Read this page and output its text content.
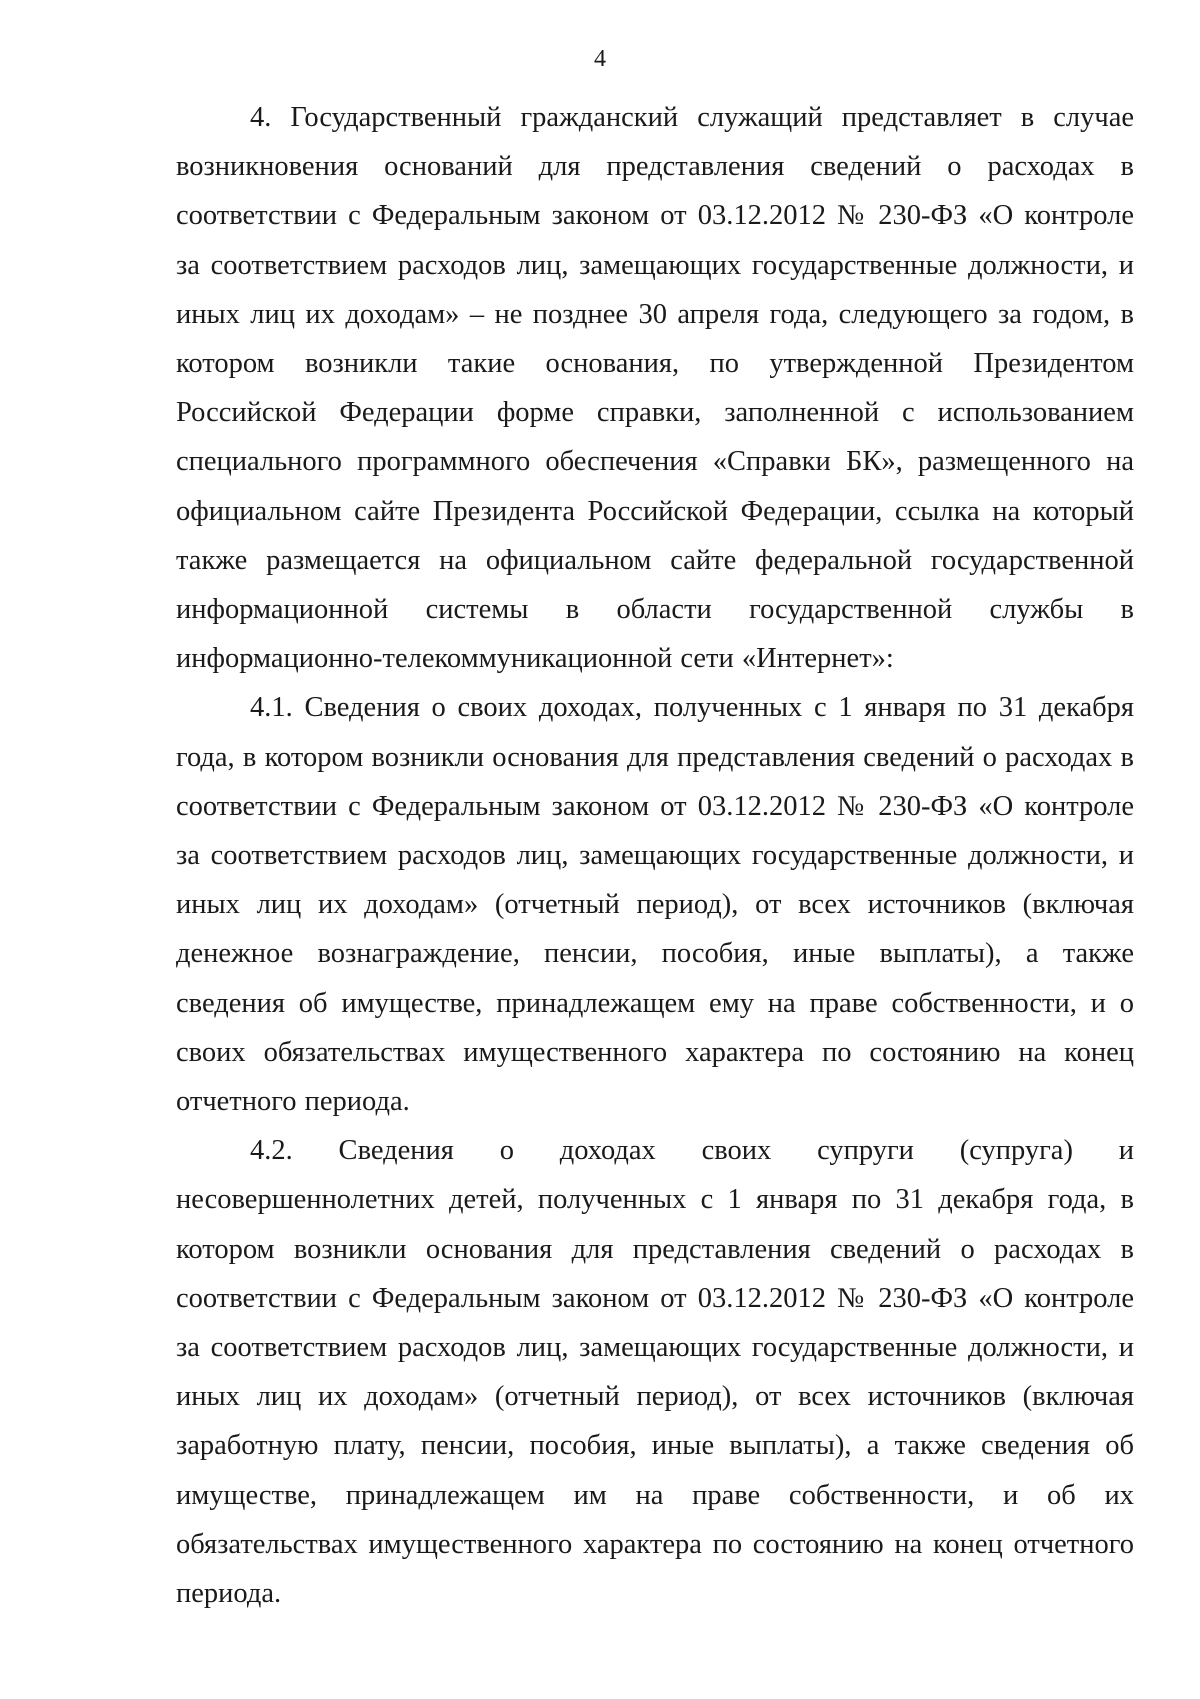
4

4. Государственный гражданский служащий представляет в случае возникновения оснований для представления сведений о расходах в соответствии с Федеральным законом от 03.12.2012 № 230-ФЗ «О контроле за соответствием расходов лиц, замещающих государственные должности, и иных лиц их доходам» – не позднее 30 апреля года, следующего за годом, в котором возникли такие основания, по утвержденной Президентом Российской Федерации форме справки, заполненной с использованием специального программного обеспечения «Справки БК», размещенного на официальном сайте Президента Российской Федерации, ссылка на который также размещается на официальном сайте федеральной государственной информационной системы в области государственной службы в информационно-телекоммуникационной сети «Интернет»:

4.1. Сведения о своих доходах, полученных с 1 января по 31 декабря года, в котором возникли основания для представления сведений о расходах в соответствии с Федеральным законом от 03.12.2012 № 230-ФЗ «О контроле за соответствием расходов лиц, замещающих государственные должности, и иных лиц их доходам» (отчетный период), от всех источников (включая денежное вознаграждение, пенсии, пособия, иные выплаты), а также сведения об имуществе, принадлежащем ему на праве собственности, и о своих обязательствах имущественного характера по состоянию на конец отчетного периода.

4.2. Сведения о доходах своих супруги (супруга) и несовершеннолетних детей, полученных с 1 января по 31 декабря года, в котором возникли основания для представления сведений о расходах в соответствии с Федеральным законом от 03.12.2012 № 230-ФЗ «О контроле за соответствием расходов лиц, замещающих государственные должности, и иных лиц их доходам» (отчетный период), от всех источников (включая заработную плату, пенсии, пособия, иные выплаты), а также сведения об имуществе, принадлежащем им на праве собственности, и об их обязательствах имущественного характера по состоянию на конец отчетного периода.
